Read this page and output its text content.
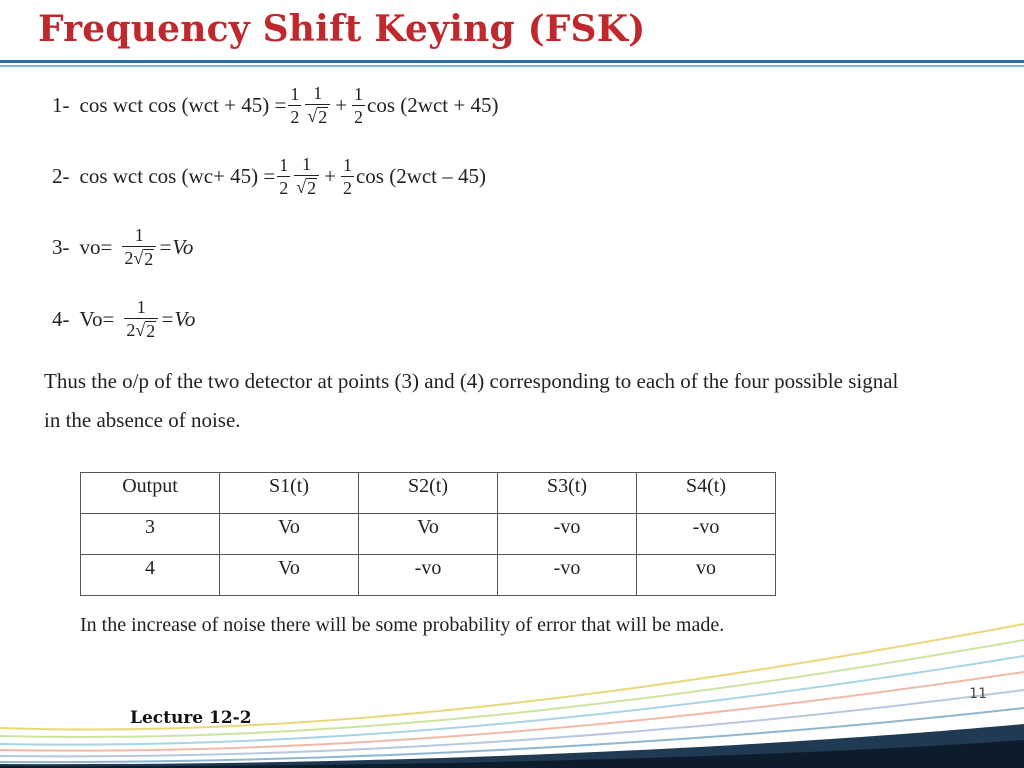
Frequency Shift Keying (FSK)
1- cos wct $\cos (wct + 45) = \frac{1}{2} \frac{1}{√ 2} + \frac{1}{2}$ cos (2wct + 45)
2- cos wct $\cos (wc+ 45) = \frac{1}{2} \frac{1}{√ 2} + \frac{1}{2}$ cos (2wct – 45)
3- $vo= \frac{1}{2 √ 2} =Vo$
4- $Vo= \frac{1}{2 √ 2} =Vo$
Thus the o/p of the two detector at points (3) and (4) corresponding to each of the four possible signal in the absence of noise.
Output	S1(t)	S2(t)	S3(t)	S4(t)
3	Vo	Vo	-vo	-vo
4	Vo	-vo	-vo	vo
In the increase of noise there will be some probability of error that will be made.
11
Lecture 12-2
